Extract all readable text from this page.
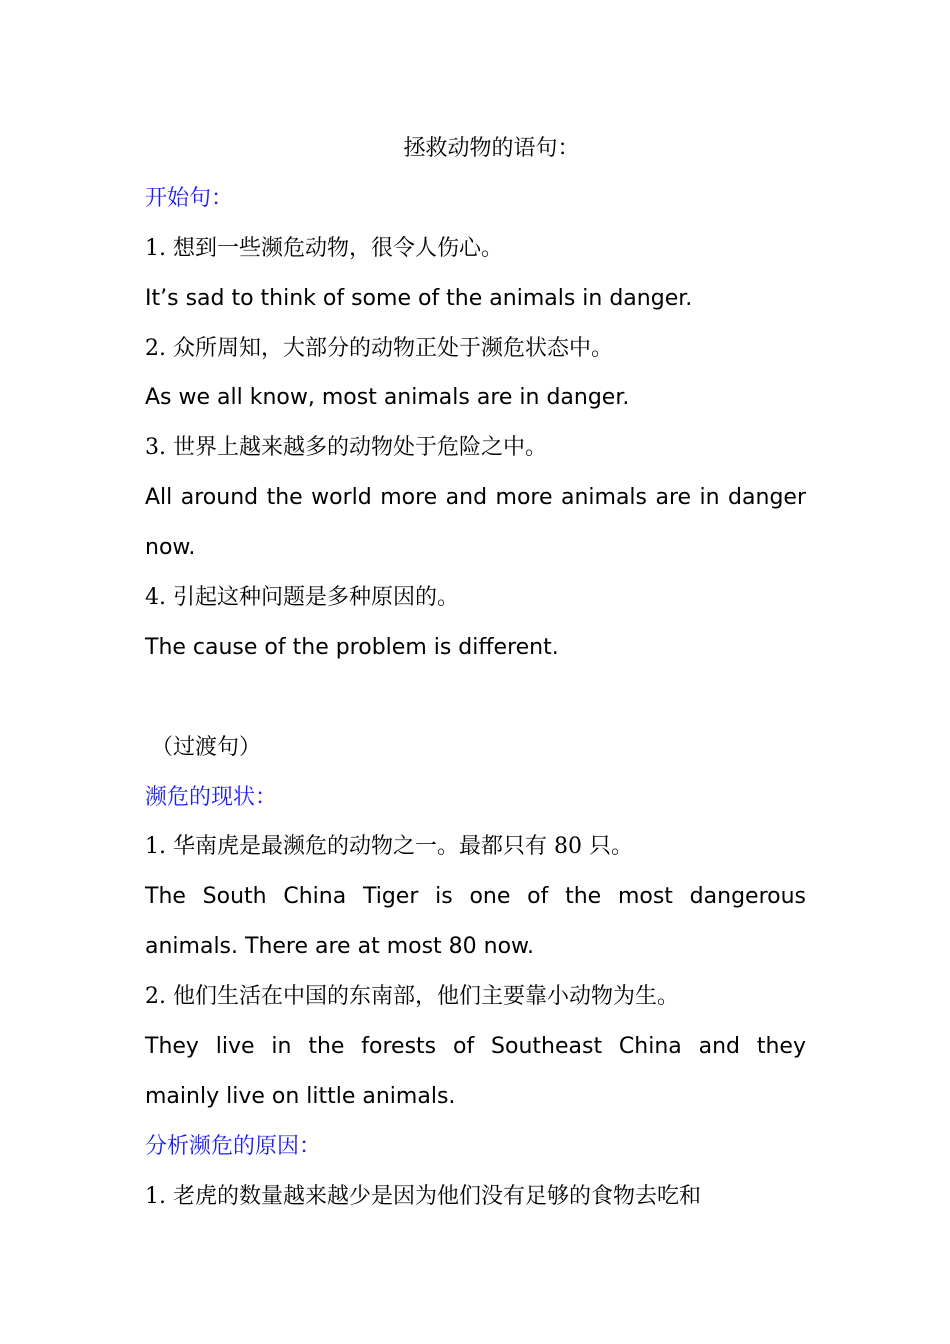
拯救动物的语句：
开始句：
1. 想到一些濒危动物，很令人伤心。
It’s sad to think of some of the animals in danger.
2. 众所周知，大部分的动物正处于濒危状态中。
As we all know, most animals are in danger.
3. 世界上越来越多的动物处于危险之中。
All around the world more and more animals are in danger
now.
4. 引起这种问题是多种原因的。
The cause of the problem is different.
（过渡句）
濒危的现状：
1. 华南虎是最濒危的动物之一。最都只有 80 只。
The South China Tiger is one of the most dangerous
animals. There are at most 80 now.
2. 他们生活在中国的东南部，他们主要靠小动物为生。
They live in the forests of Southeast China and they
mainly live on little animals.
分析濒危的原因：
1. 老虎的数量越来越少是因为他们没有足够的食物去吃和
